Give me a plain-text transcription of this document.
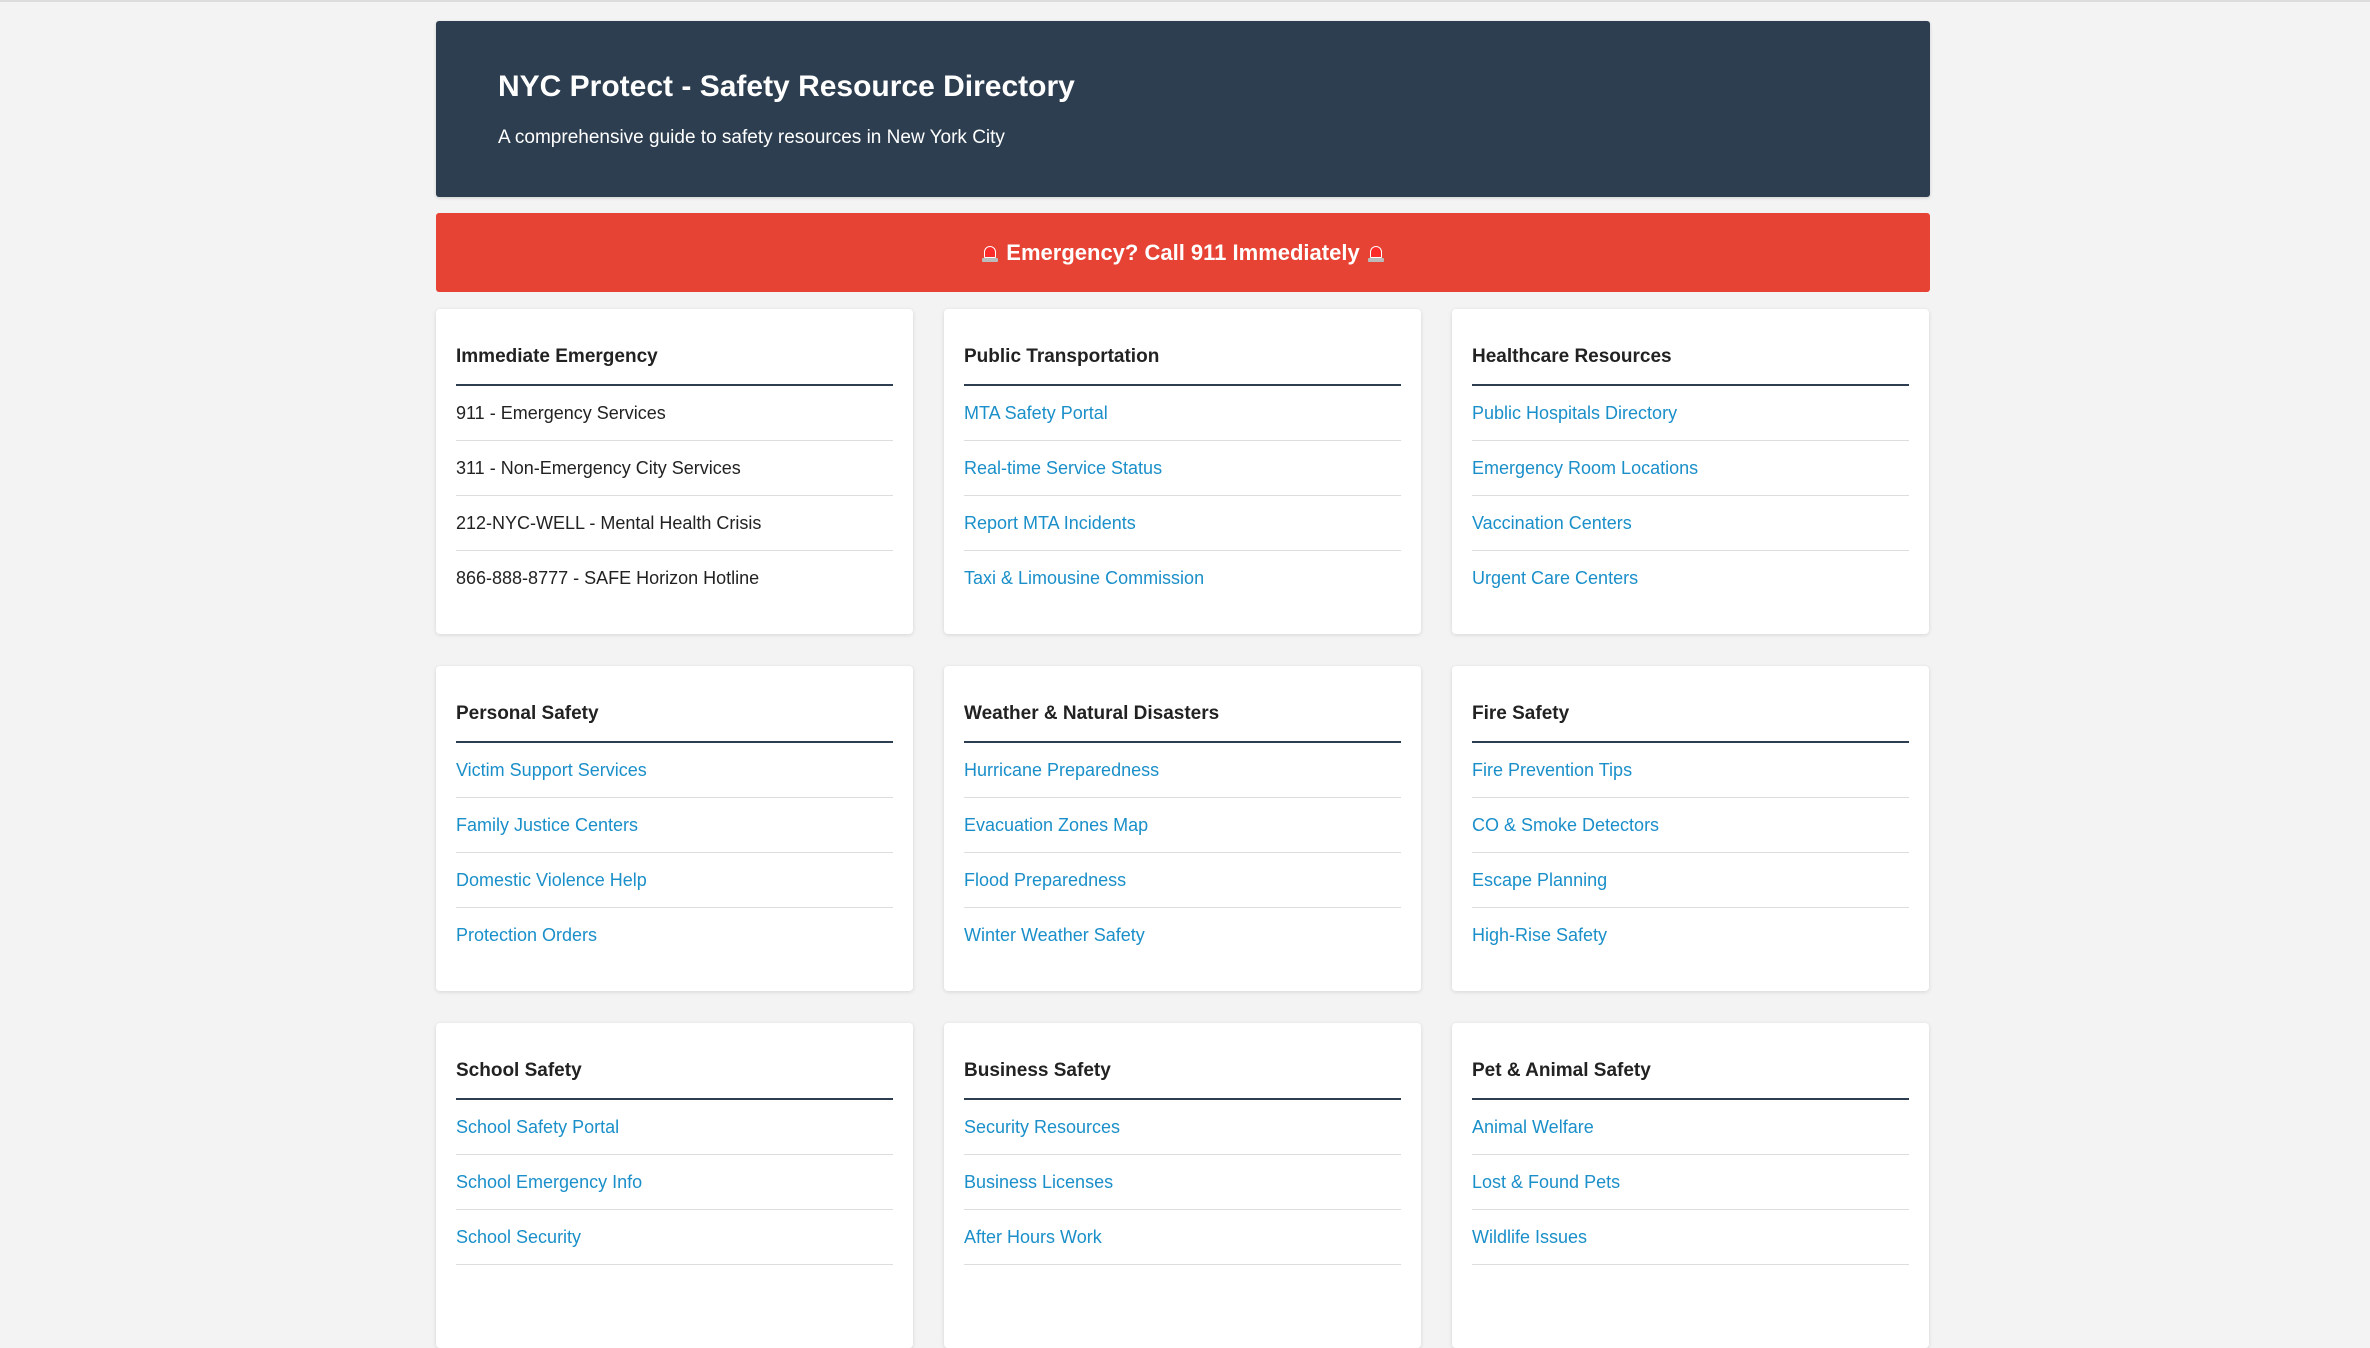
NYC Protect - Safety Resource Directory

A comprehensive guide to safety resources in New York City

Emergency? Call 911 Immediately
Immediate Emergency
911 - Emergency Services
311 - Non-Emergency City Services
212-NYC-WELL - Mental Health Crisis
866-888-8777 - SAFE Horizon Hotline
Public Transportation
MTA Safety Portal
Real-time Service Status
Report MTA Incidents
Taxi & Limousine Commission
Healthcare Resources
Public Hospitals Directory
Emergency Room Locations
Vaccination Centers
Urgent Care Centers
Personal Safety
Victim Support Services
Family Justice Centers
Domestic Violence Help
Protection Orders
Weather & Natural Disasters
Hurricane Preparedness
Evacuation Zones Map
Flood Preparedness
Winter Weather Safety
Fire Safety
Fire Prevention Tips
CO & Smoke Detectors
Escape Planning
High-Rise Safety
School Safety
School Safety Portal
School Emergency Info
School Security
Business Safety
Security Resources
Business Licenses
After Hours Work
Pet & Animal Safety
Animal Welfare
Lost & Found Pets
Wildlife Issues
